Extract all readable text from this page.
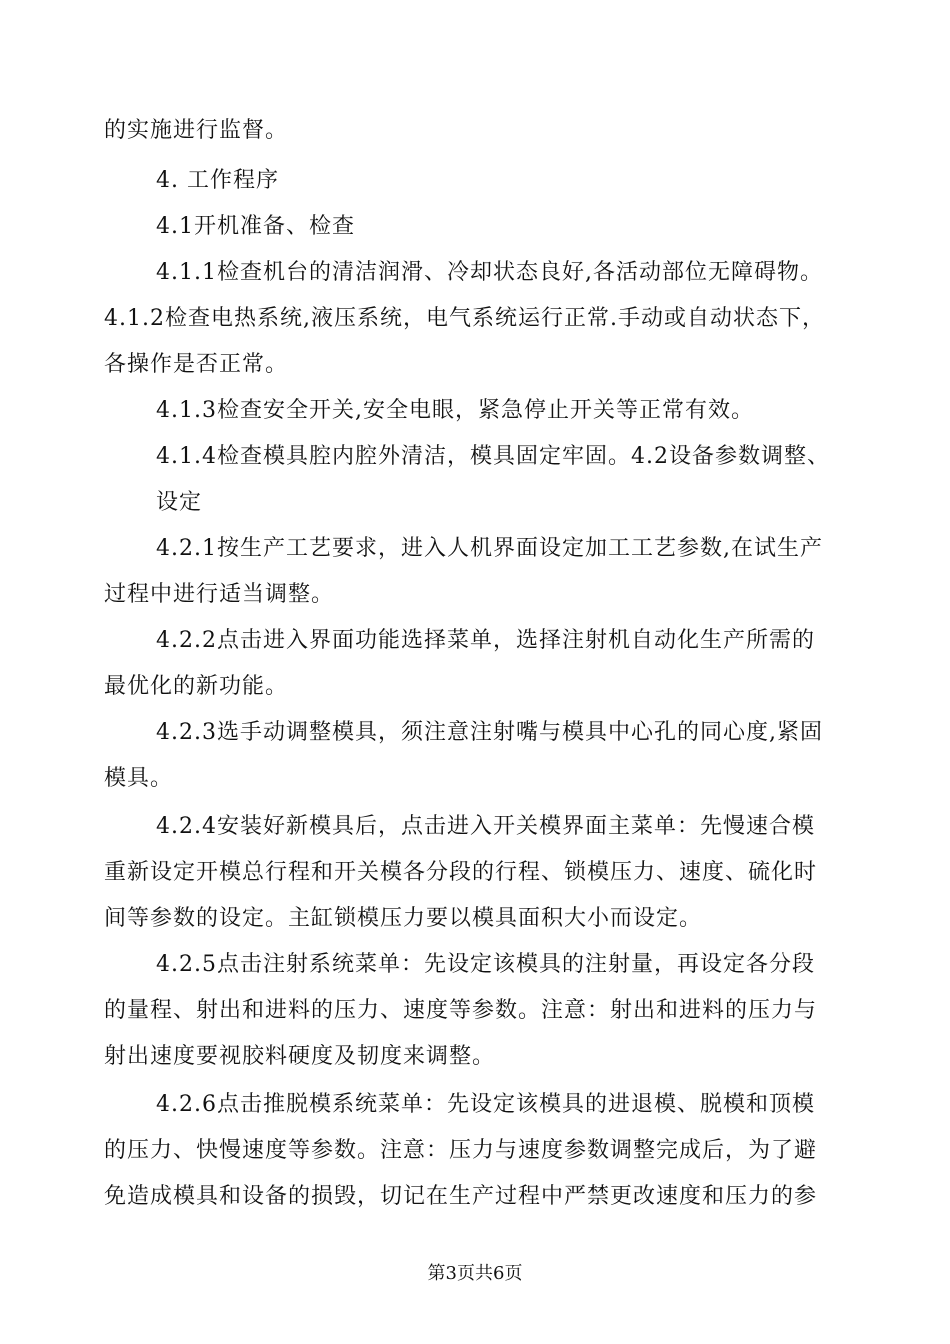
的实施进行监督。
4. 工作程序
4.1开机准备、检查
4.1.1检查机台的清洁润滑、冷却状态良好,各活动部位无障碍物。
4.1.2检查电热系统,液压系统，电气系统运行正常.手动或自动状态下，
各操作是否正常。
4.1.3检查安全开关,安全电眼，紧急停止开关等正常有效。
4.1.4检查模具腔内腔外清洁，模具固定牢固。4.2设备参数调整、
设定
4.2.1按生产工艺要求，进入人机界面设定加工工艺参数,在试生产
过程中进行适当调整。
4.2.2点击进入界面功能选择菜单，选择注射机自动化生产所需的
最优化的新功能。
4.2.3选手动调整模具，须注意注射嘴与模具中心孔的同心度,紧固
模具。
4.2.4安装好新模具后，点击进入开关模界面主菜单：先慢速合模
重新设定开模总行程和开关模各分段的行程、锁模压力、速度、硫化时
间等参数的设定。主缸锁模压力要以模具面积大小而设定。
4.2.5点击注射系统菜单：先设定该模具的注射量，再设定各分段
的量程、射出和进料的压力、速度等参数。注意：射出和进料的压力与
射出速度要视胶料硬度及韧度来调整。
4.2.6点击推脱模系统菜单：先设定该模具的进退模、脱模和顶模
的压力、快慢速度等参数。注意：压力与速度参数调整完成后，为了避
免造成模具和设备的损毁，切记在生产过程中严禁更改速度和压力的参
第3页共6页
